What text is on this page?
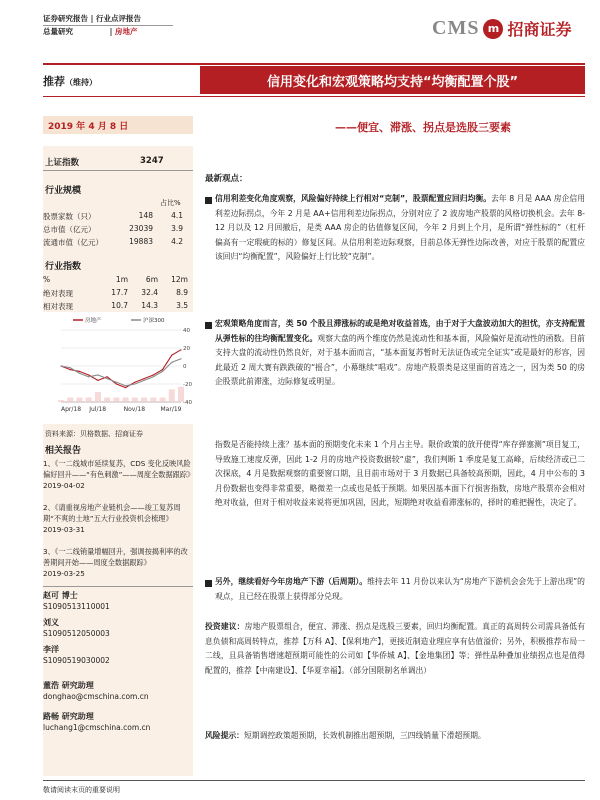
证券研究报告 | 行业点评报告
总量研究	| 房地产	CMS m 招商证券
推荐（维持）	信用变化和宏观策略均支持“均衡配置个股”
2019 年 4 月 8 日	——便宜、滞涨、拐点是选股三要素
上证指数	3247
行业规模
占比%
股票家数（只）	148	4.1
总市值（亿元）	23039	3.9
流通市值（亿元）	19883	4.2
行业指数
%	1m	6m	12m
绝对表现	17.7	32.4	8.9
相对表现	10.7	14.3	3.5
40
20
0
-20
-40
Apr/18 Jul/18	Nov/18	Mar/19
房地产	沪深300
资料来源：贝格数据、招商证券
相关报告
1、《一二线城市延续复苏，CDS 变化反映风险偏好回升——“有色刺激”——周度全数据跟踪》
2019-04-02
2、《请重视房地产业链机会——竣工复苏周期“不爽的土地”五大行业投资机会梳理》
2019-03-31
3、《一二线销量增幅回升，强调按揭利率的改善期间开始——周度全数据跟踪》
2019-03-25
赵可 博士
S1090513110001
刘义
S1090512050003
李洋
S1090519030002
董浩 研究助理
donghao@cmschina.com.cn
路畅 研究助理
luchang1@cmschina.com.cn
最新观点：
信用利差变化角度观察，风险偏好持续上行相对“克制”，股票配置应回归均衡。去年 8 月是 AAA 房企信用利差边际拐点，今年 2 月是 AA+信用利差边际拐点，分别对应了 2 波房地产股票的风格切换机会。去年 8-12 月以及 12 月回撤后，是类 AAA 房企的估值修复区间，今年 2 月到上个月，是所谓“弹性标的”（杠杆偏高有一定瑕疵的标的）修复区间。从信用利差边际观察，目前总体无弹性边际改善，对应于股票的配置应该回归“均衡配置”，风险偏好上行比较“克制”。
宏观策略角度而言，类 50 个股且滞涨标的或是绝对收益首选，由于对于大盘波动加大的担忧，亦支持配置从弹性标的往均衡配置变化。观察大盘的两个维度仍然是流动性和基本面，风险偏好是流动性的函数。目前支持大盘的流动性仍然良好，对于基本面而言，“基本面复苏暂时无法证伪或完全证实”或是最好的形容，因此最近 2 周大赛有跌跌破的“摇合”，小幕继续“唱戏”。房地产股票类是这里面的首选之一，因为类 50 的房企股票此前滞涨，边际修复或明显。
指数是否能持续上涨？基本面的预期变化未来 1 个月占主导。限价政策的放开使得“库存弹塞测”项目复工，导致施工速度反弹，因此 1-2 月的房地产投资数据较“虚”，我们判断 1 季度是复工高峰，后续经济或已二次探底，4 月是数据观察的重要窗口期，且目前市场对于 3 月数据已具备较高预期，因此，4 月中公布的 3 月份数据也变得非常重要，略微差一点或也是低于预期。如果因基本面下行损害指数，房地产股票亦会相对绝对收益，但对于相对收益来说将更加巩固，因此，短期绝对收益看滞涨标的，择时的难把握性，决定了。
另外，继续看好今年房地产下游（后周期）。维持去年 11 月份以来认为“房地产下游机会会先于上游出现”的观点，且已经在股票上获得部分兑现。
投资建议：房地产股票组合，便宜、滞涨、拐点是选股三要素，回归均衡配置。真正的高周转公司需具备低有息负债和高周转特点，推荐【万科 A】、【保利地产】，更接近制造业理应享有估值溢价；另外，积极推荐布局一二线，且具备销售增速超预期可能性的公司如【华侨城 A】、【金地集团】等；弹性品种叠加业绩拐点也是值得配置的，推荐【中南建设】、【华夏幸福】。（部分国限制名单调出）
风险提示：短期调控政策超预期，长效机制推出超预期，三四线销量下滑超预期。
敬请阅读末页的重要说明
